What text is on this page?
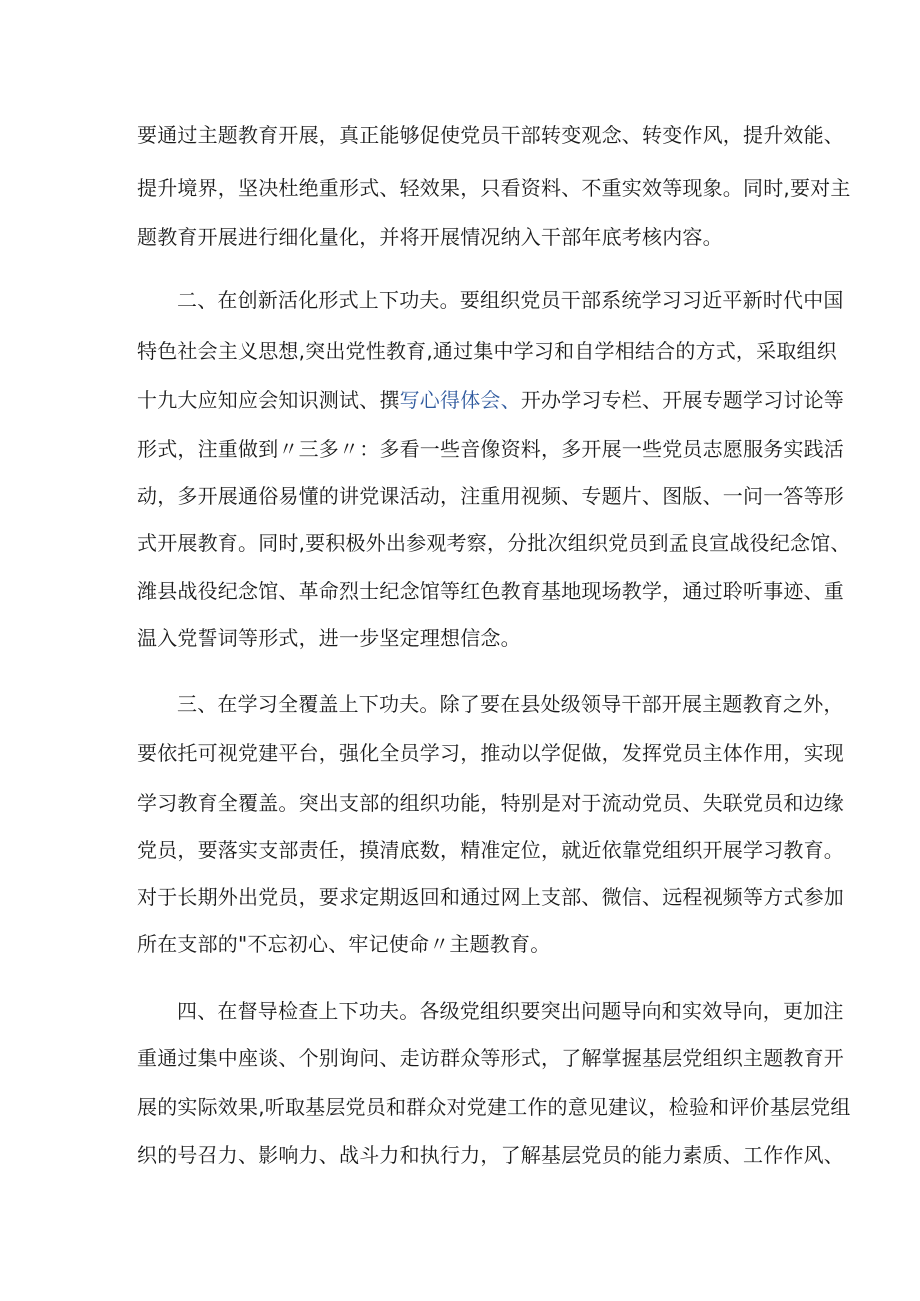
要通过主题教育开展，真正能够促使党员干部转变观念、转变作风，提升效能、
提升境界，坚决杜绝重形式、轻效果，只看资料、不重实效等现象。同时,要对主
题教育开展进行细化量化，并将开展情况纳入干部年底考核内容。
二、在创新活化形式上下功夫。要组织党员干部系统学习习近平新时代中国
特色社会主义思想,突出党性教育,通过集中学习和自学相结合的方式，采取组织
十九大应知应会知识测试、撰写心得体会、开办学习专栏、开展专题学习讨论等
形式，注重做到〃三多〃：多看一些音像资料，多开展一些党员志愿服务实践活
动，多开展通俗易懂的讲党课活动，注重用视频、专题片、图版、一问一答等形
式开展教育。同时,要积极外出参观考察，分批次组织党员到孟良宣战役纪念馆、
潍县战役纪念馆、革命烈士纪念馆等红色教育基地现场教学，通过聆听事迹、重
温入党誓词等形式，进一步坚定理想信念。
三、在学习全覆盖上下功夫。除了要在县处级领导干部开展主题教育之外，
要依托可视党建平台，强化全员学习，推动以学促做，发挥党员主体作用，实现
学习教育全覆盖。突出支部的组织功能，特别是对于流动党员、失联党员和边缘
党员，要落实支部责任，摸清底数，精准定位，就近依靠党组织开展学习教育。
对于长期外出党员，要求定期返回和通过网上支部、微信、远程视频等方式参加
所在支部的"不忘初心、牢记使命〃主题教育。
四、在督导检查上下功夫。各级党组织要突出问题导向和实效导向，更加注
重通过集中座谈、个别询问、走访群众等形式，了解掌握基层党组织主题教育开
展的实际效果,听取基层党员和群众对党建工作的意见建议，检验和评价基层党组
织的号召力、影响力、战斗力和执行力，了解基层党员的能力素质、工作作风、
